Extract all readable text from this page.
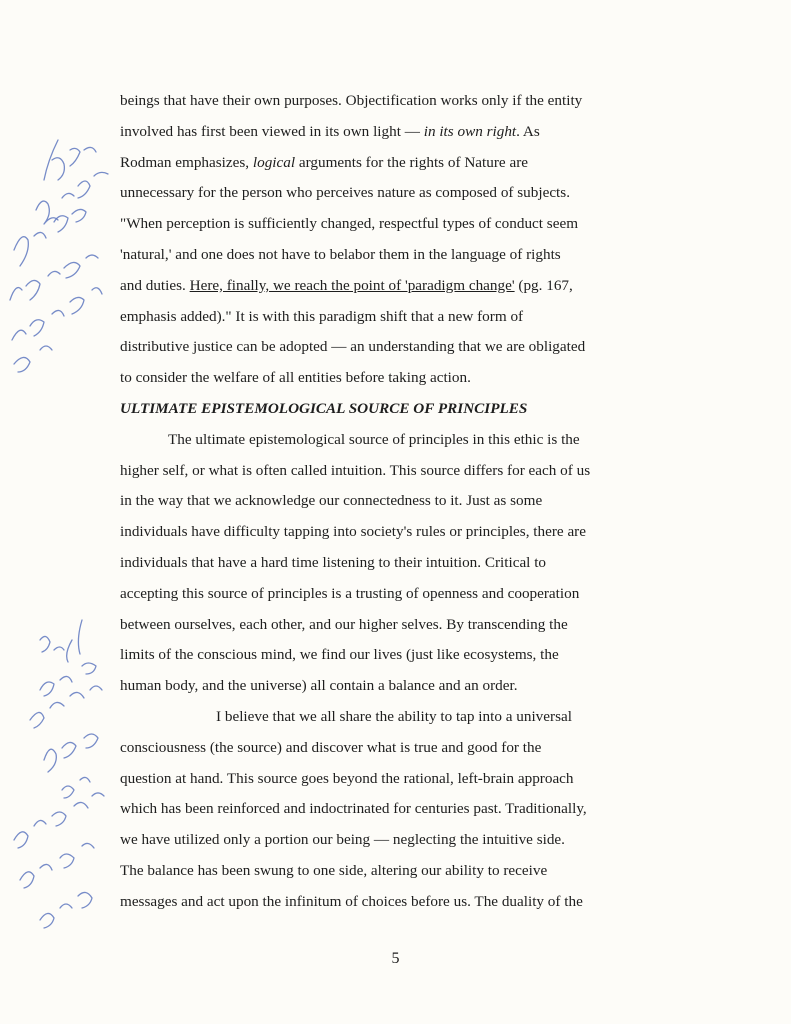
beings that have their own purposes. Objectification works only if the entity
involved has first been viewed in its own light — in its own right. As
Rodman emphasizes, logical arguments for the rights of Nature are
unnecessary for the person who perceives nature as composed of subjects.
"When perception is sufficiently changed, respectful types of conduct seem
'natural,' and one does not have to belabor them in the language of rights
and duties. Here, finally, we reach the point of 'paradigm change' (pg. 167,
emphasis added)." It is with this paradigm shift that a new form of
distributive justice can be adopted — an understanding that we are obligated
to consider the welfare of all entities before taking action.
ULTIMATE EPISTEMOLOGICAL SOURCE OF PRINCIPLES
The ultimate epistemological source of principles in this ethic is the
higher self, or what is often called intuition. This source differs for each of us
in the way that we acknowledge our connectedness to it. Just as some
individuals have difficulty tapping into society's rules or principles, there are
individuals that have a hard time listening to their intuition. Critical to
accepting this source of principles is a trusting of openness and cooperation
between ourselves, each other, and our higher selves. By transcending the
limits of the conscious mind, we find our lives (just like ecosystems, the
human body, and the universe) all contain a balance and an order.
I believe that we all share the ability to tap into a universal
consciousness (the source) and discover what is true and good for the
question at hand. This source goes beyond the rational, left-brain approach
which has been reinforced and indoctrinated for centuries past. Traditionally,
we have utilized only a portion our being — neglecting the intuitive side.
The balance has been swung to one side, altering our ability to receive
messages and act upon the infinitum of choices before us. The duality of the
5
